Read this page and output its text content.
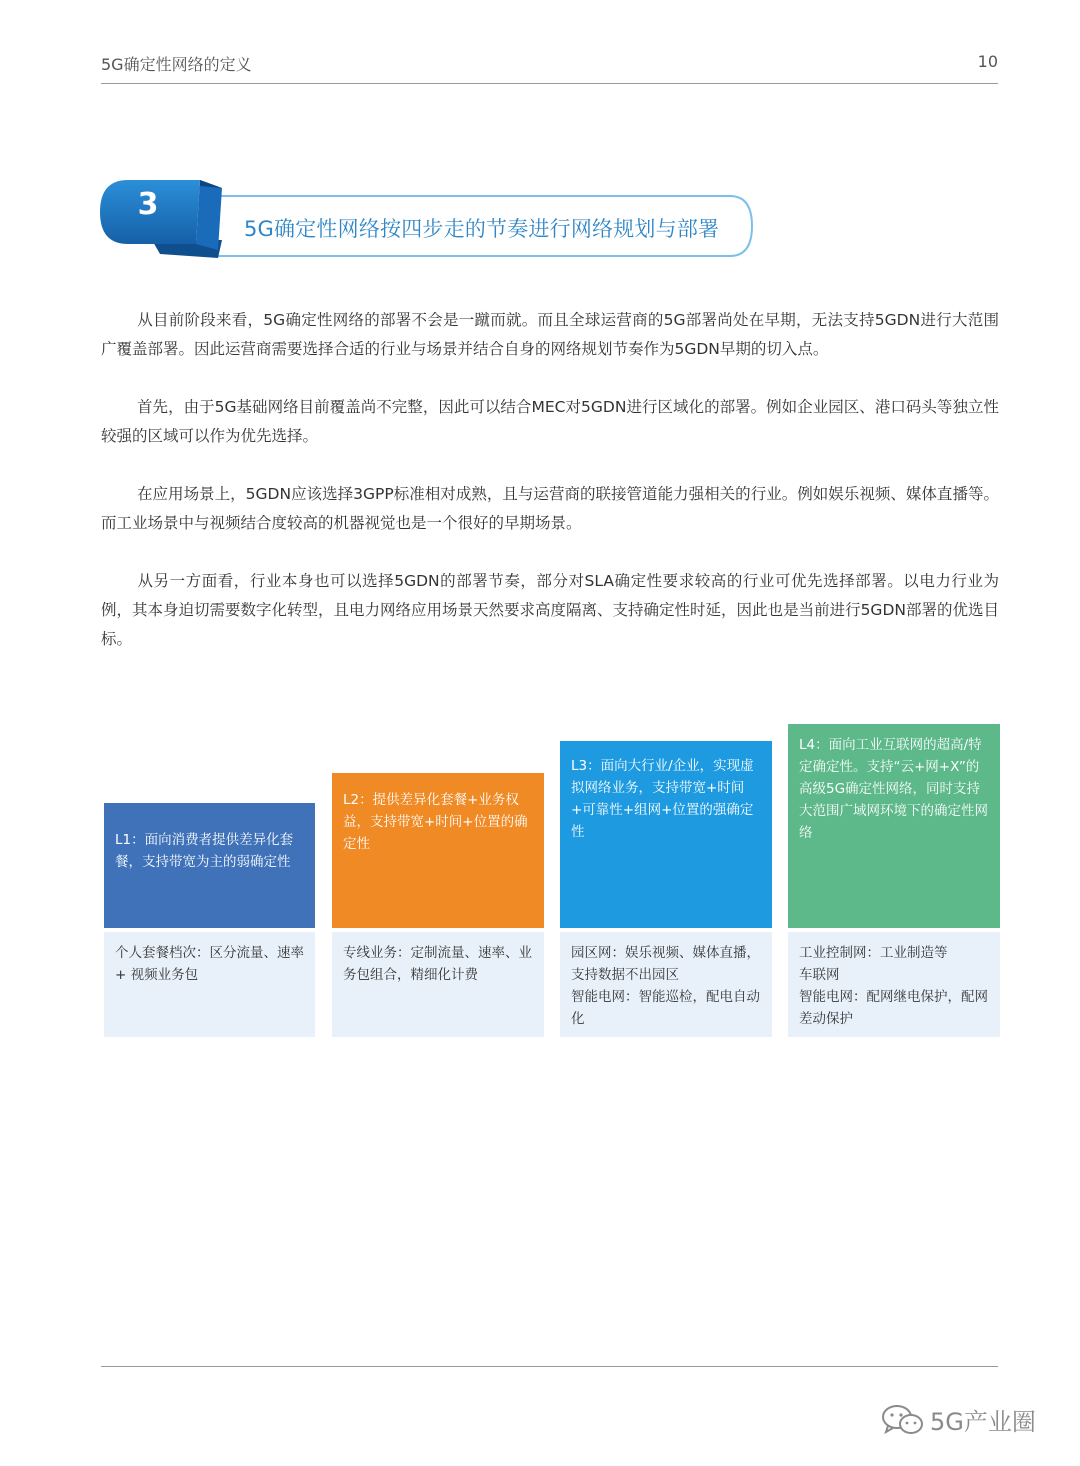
5G确定性网络的定义	10
3
5G确定性网络按四步走的节奏进行网络规划与部署
从目前阶段来看，5G确定性网络的部署不会是一蹴而就。而且全球运营商的5G部署尚处在早期，无法支持5GDN进行大范围广覆盖部署。因此运营商需要选择合适的行业与场景并结合自身的网络规划节奏作为5GDN早期的切入点。
首先，由于5G基础网络目前覆盖尚不完整，因此可以结合MEC对5GDN进行区域化的部署。例如企业园区、港口码头等独立性较强的区域可以作为优先选择。
在应用场景上，5GDN应该选择3GPP标准相对成熟，且与运营商的联接管道能力强相关的行业。例如娱乐视频、媒体直播等。而工业场景中与视频结合度较高的机器视觉也是一个很好的早期场景。
从另一方面看，行业本身也可以选择5GDN的部署节奏，部分对SLA确定性要求较高的行业可优先选择部署。以电力行业为例，其本身迫切需要数字化转型，且电力网络应用场景天然要求高度隔离、支持确定性时延，因此也是当前进行5GDN部署的优选目标。
L1：面向消费者提供差异化套餐，支持带宽为主的弱确定性
L2：提供差异化套餐+业务权益，支持带宽+时间+位置的确定性
L3：面向大行业/企业，实现虚拟网络业务，支持带宽+时间+可靠性+组网+位置的强确定性
L4：面向工业互联网的超高/特定确定性。支持“云+网+X”的高级5G确定性网络，同时支持大范围广域网环境下的确定性网络
个人套餐档次：区分流量、速率 + 视频业务包
专线业务：定制流量、速率、业务包组合，精细化计费
园区网：娱乐视频、媒体直播，支持数据不出园区
智能电网：智能巡检，配电自动化
工业控制网：工业制造等
车联网
智能电网：配网继电保护，配网差动保护
5G产业圈
